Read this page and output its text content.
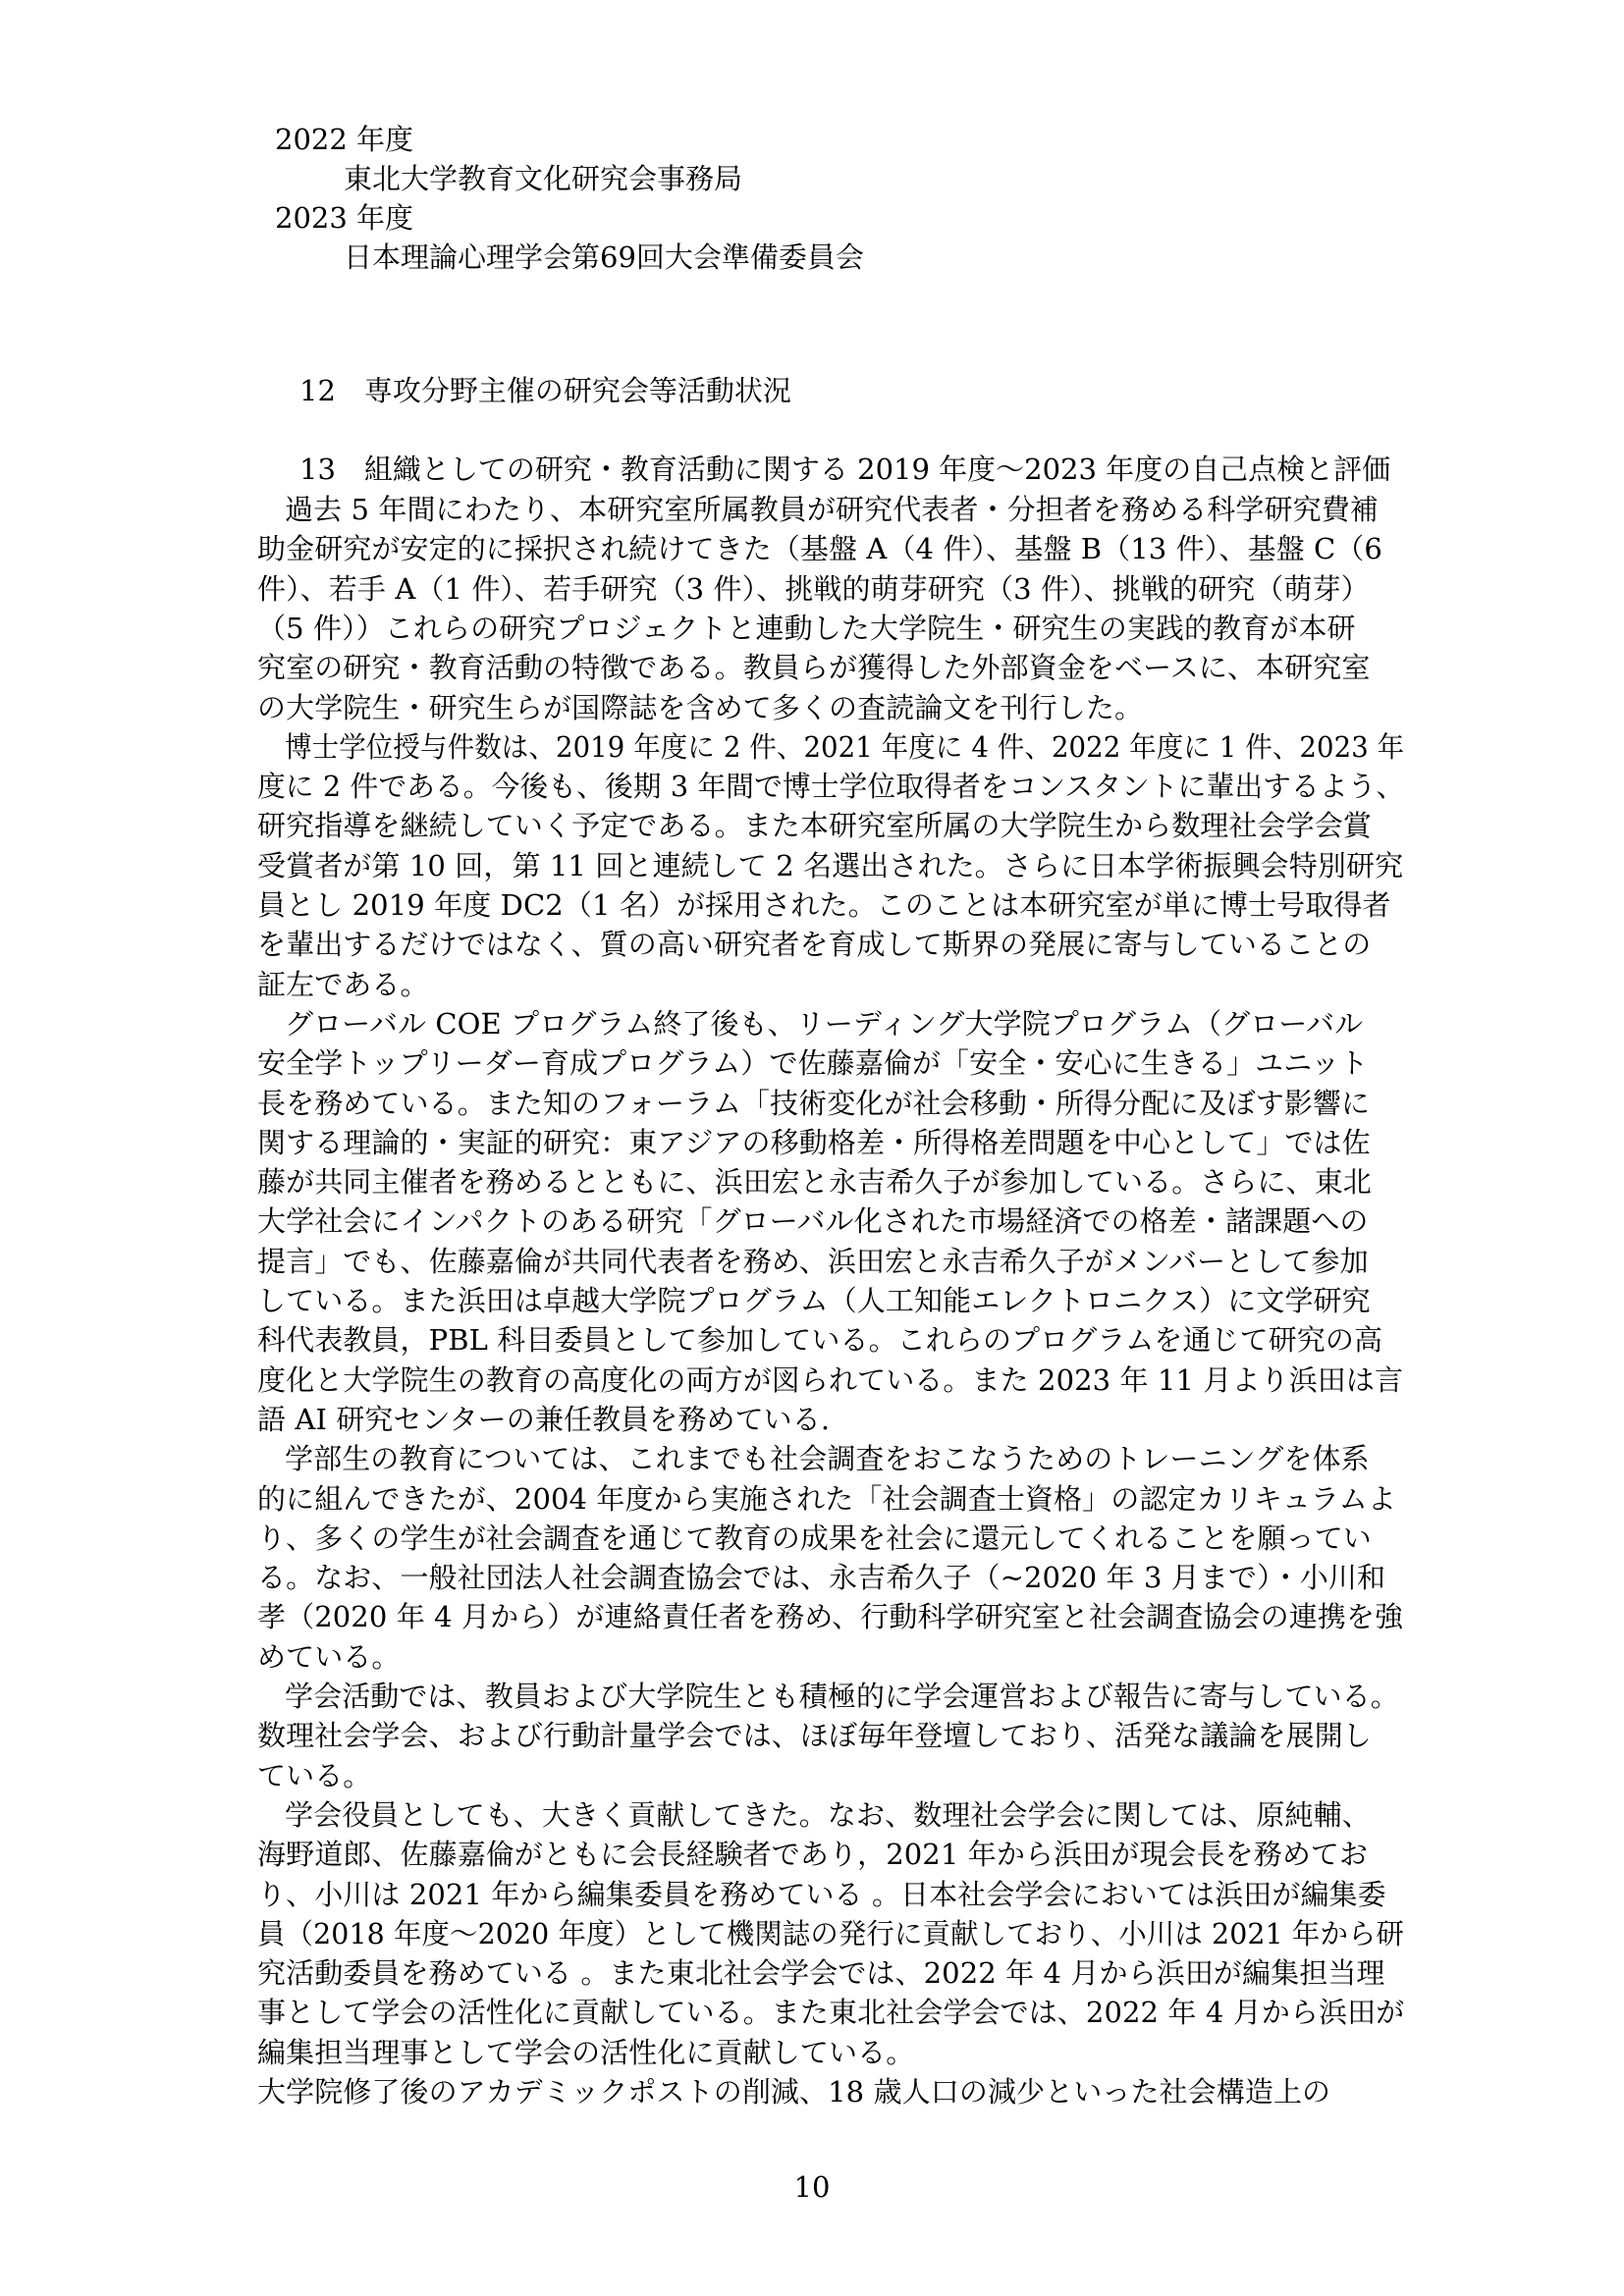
2022 年度
東北大学教育文化研究会事務局
2023 年度
日本理論心理学会第69回大会準備委員会
12　専攻分野主催の研究会等活動状況
13　組織としての研究・教育活動に関する 2019 年度〜2023 年度の自己点検と評価
過去 5 年間にわたり、本研究室所属教員が研究代表者・分担者を務める科学研究費補
助金研究が安定的に採択され続けてきた（基盤 A（4 件）、基盤 B（13 件）、基盤 C（6
件）、若手 A（1 件）、若手研究（3 件）、挑戦的萌芽研究（3 件）、挑戦的研究（萌芽）
（5 件））これらの研究プロジェクトと連動した大学院生・研究生の実践的教育が本研
究室の研究・教育活動の特徴である。教員らが獲得した外部資金をベースに、本研究室
の大学院生・研究生らが国際誌を含めて多くの査読論文を刊行した。
博士学位授与件数は、2019 年度に 2 件、2021 年度に 4 件、2022 年度に 1 件、2023 年
度に 2 件である。今後も、後期 3 年間で博士学位取得者をコンスタントに輩出するよう、
研究指導を継続していく予定である。また本研究室所属の大学院生から数理社会学会賞
受賞者が第 10 回，第 11 回と連続して 2 名選出された。さらに日本学術振興会特別研究
員とし 2019 年度 DC2（1 名）が採用された。このことは本研究室が単に博士号取得者
を輩出するだけではなく、質の高い研究者を育成して斯界の発展に寄与していることの
証左である。
グローバル COE プログラム終了後も、リーディング大学院プログラム（グローバル
安全学トップリーダー育成プログラム）で佐藤嘉倫が「安全・安心に生きる」ユニット
長を務めている。また知のフォーラム「技術変化が社会移動・所得分配に及ぼす影響に
関する理論的・実証的研究：東アジアの移動格差・所得格差問題を中心として」では佐
藤が共同主催者を務めるとともに、浜田宏と永吉希久子が参加している。さらに、東北
大学社会にインパクトのある研究「グローバル化された市場経済での格差・諸課題への
提言」でも、佐藤嘉倫が共同代表者を務め、浜田宏と永吉希久子がメンバーとして参加
している。また浜田は卓越大学院プログラム（人工知能エレクトロニクス）に文学研究
科代表教員，PBL 科目委員として参加している。これらのプログラムを通じて研究の高
度化と大学院生の教育の高度化の両方が図られている。また 2023 年 11 月より浜田は言
語 AI 研究センターの兼任教員を務めている.
学部生の教育については、これまでも社会調査をおこなうためのトレーニングを体系
的に組んできたが、2004 年度から実施された「社会調査士資格」の認定カリキュラムよ
り、多くの学生が社会調査を通じて教育の成果を社会に還元してくれることを願ってい
る。なお、一般社団法人社会調査協会では、永吉希久子（~2020 年 3 月まで）・小川和
孝（2020 年 4 月から）が連絡責任者を務め、行動科学研究室と社会調査協会の連携を強
めている。
学会活動では、教員および大学院生とも積極的に学会運営および報告に寄与している。
数理社会学会、および行動計量学会では、ほぼ毎年登壇しており、活発な議論を展開し
ている。
学会役員としても、大きく貢献してきた。なお、数理社会学会に関しては、原純輔、
海野道郎、佐藤嘉倫がともに会長経験者であり，2021 年から浜田が現会長を務めてお
り、小川は 2021 年から編集委員を務めている 。日本社会学会においては浜田が編集委
員（2018 年度〜2020 年度）として機関誌の発行に貢献しており、小川は 2021 年から研
究活動委員を務めている 。また東北社会学会では、2022 年 4 月から浜田が編集担当理
事として学会の活性化に貢献している。また東北社会学会では、2022 年 4 月から浜田が
編集担当理事として学会の活性化に貢献している。
大学院修了後のアカデミックポストの削減、18 歳人口の減少といった社会構造上の
10
